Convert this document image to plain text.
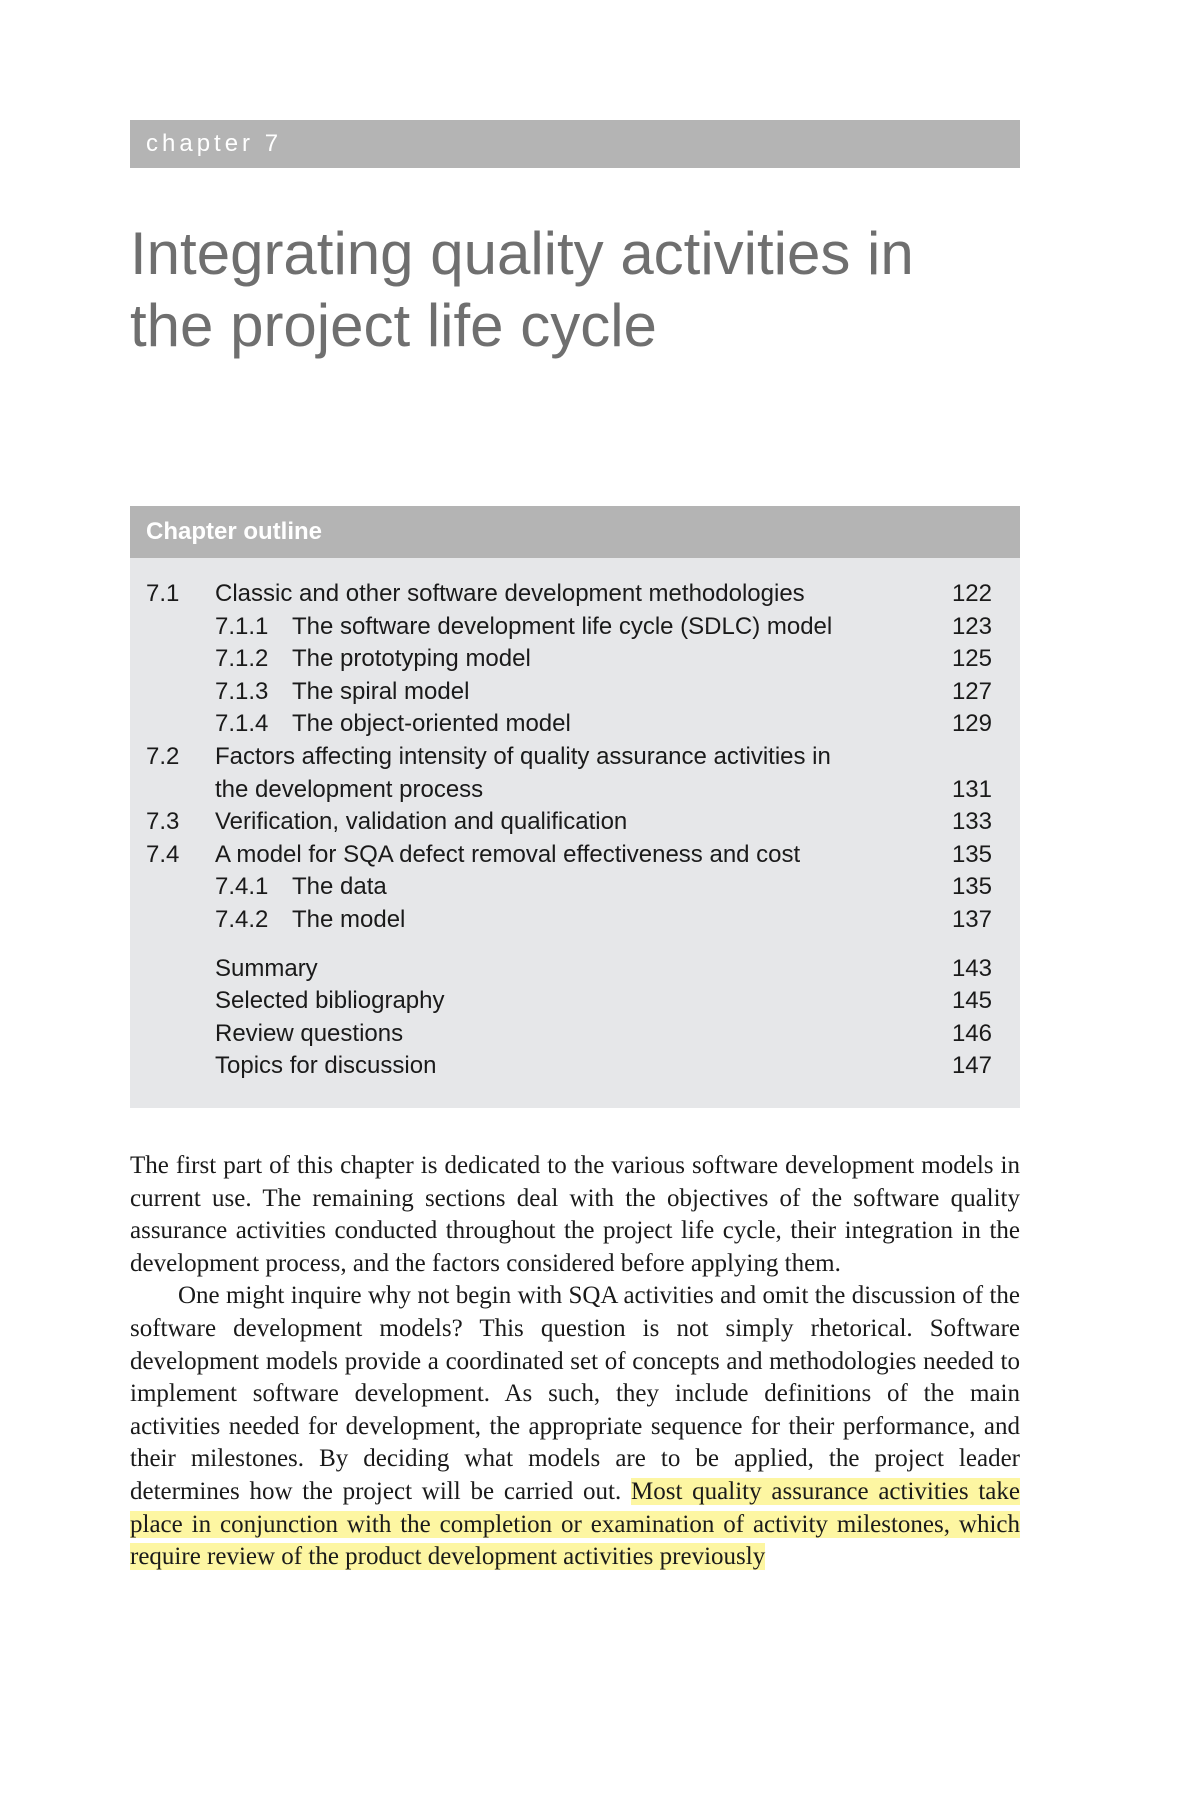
chapter 7
Integrating quality activities in
the project life cycle
Chapter outline
7.1 Classic and other software development methodologies	122
7.1.1 The software development life cycle (SDLC) model	123
7.1.2 The prototyping model	125
7.1.3 The spiral model	127
7.1.4 The object-oriented model	129
7.2 Factors affecting intensity of quality assurance activities in
the development process	131
7.3 Verification, validation and qualification	133
7.4 A model for SQA defect removal effectiveness and cost	135
7.4.1 The data	135
7.4.2 The model	137
Summary	143
Selected bibliography	145
Review questions	146
Topics for discussion	147

The first part of this chapter is dedicated to the various software development models in current use. The remaining sections deal with the objectives of the software quality assurance activities conducted throughout the project life cycle, their integration in the development process, and the factors considered before applying them.

One might inquire why not begin with SQA activities and omit the discussion of the software development models? This question is not simply rhetorical. Software development models provide a coordinated set of concepts and methodologies needed to implement software development. As such, they include definitions of the main activities needed for development, the appropriate sequence for their performance, and their milestones. By deciding what models are to be applied, the project leader determines how the project will be carried out. Most quality assurance activities take place in conjunction with the completion or examination of activity milestones, which require review of the product development activities previously
